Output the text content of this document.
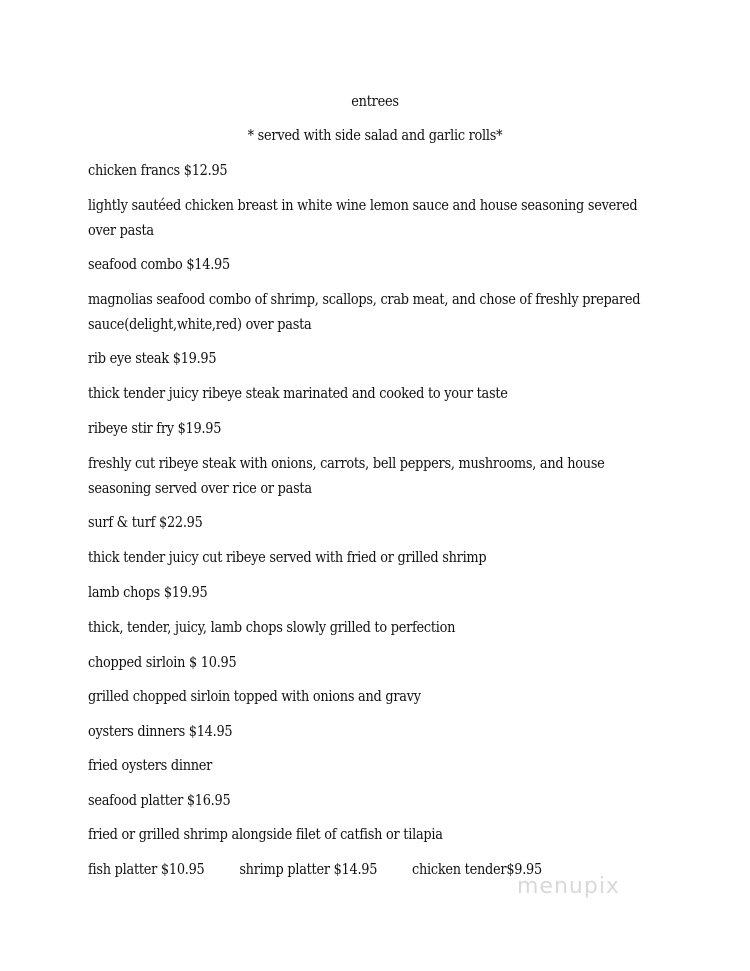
entrees
* served with side salad and garlic rolls*
chicken francs $12.95
lightly sautéed chicken breast in white wine lemon sauce and house seasoning severed over pasta
seafood combo $14.95
magnolias seafood combo of shrimp, scallops, crab meat, and chose of freshly prepared sauce(delight,white,red) over pasta
rib eye steak $19.95
thick tender juicy ribeye steak marinated and cooked to your taste
ribeye stir fry $19.95
freshly cut ribeye steak with onions, carrots, bell peppers, mushrooms, and house seasoning served over rice or pasta
surf & turf $22.95
thick tender juicy cut ribeye served with fried or grilled shrimp
lamb chops $19.95
thick, tender, juicy, lamb chops slowly grilled to perfection
chopped sirloin $ 10.95
grilled chopped sirloin topped with onions and gravy
oysters dinners $14.95
fried oysters dinner
seafood platter $16.95
fried or grilled shrimp alongside filet of catfish or tilapia
fish platter $10.95 shrimp platter $14.95 chicken tender$9.95
menupix
